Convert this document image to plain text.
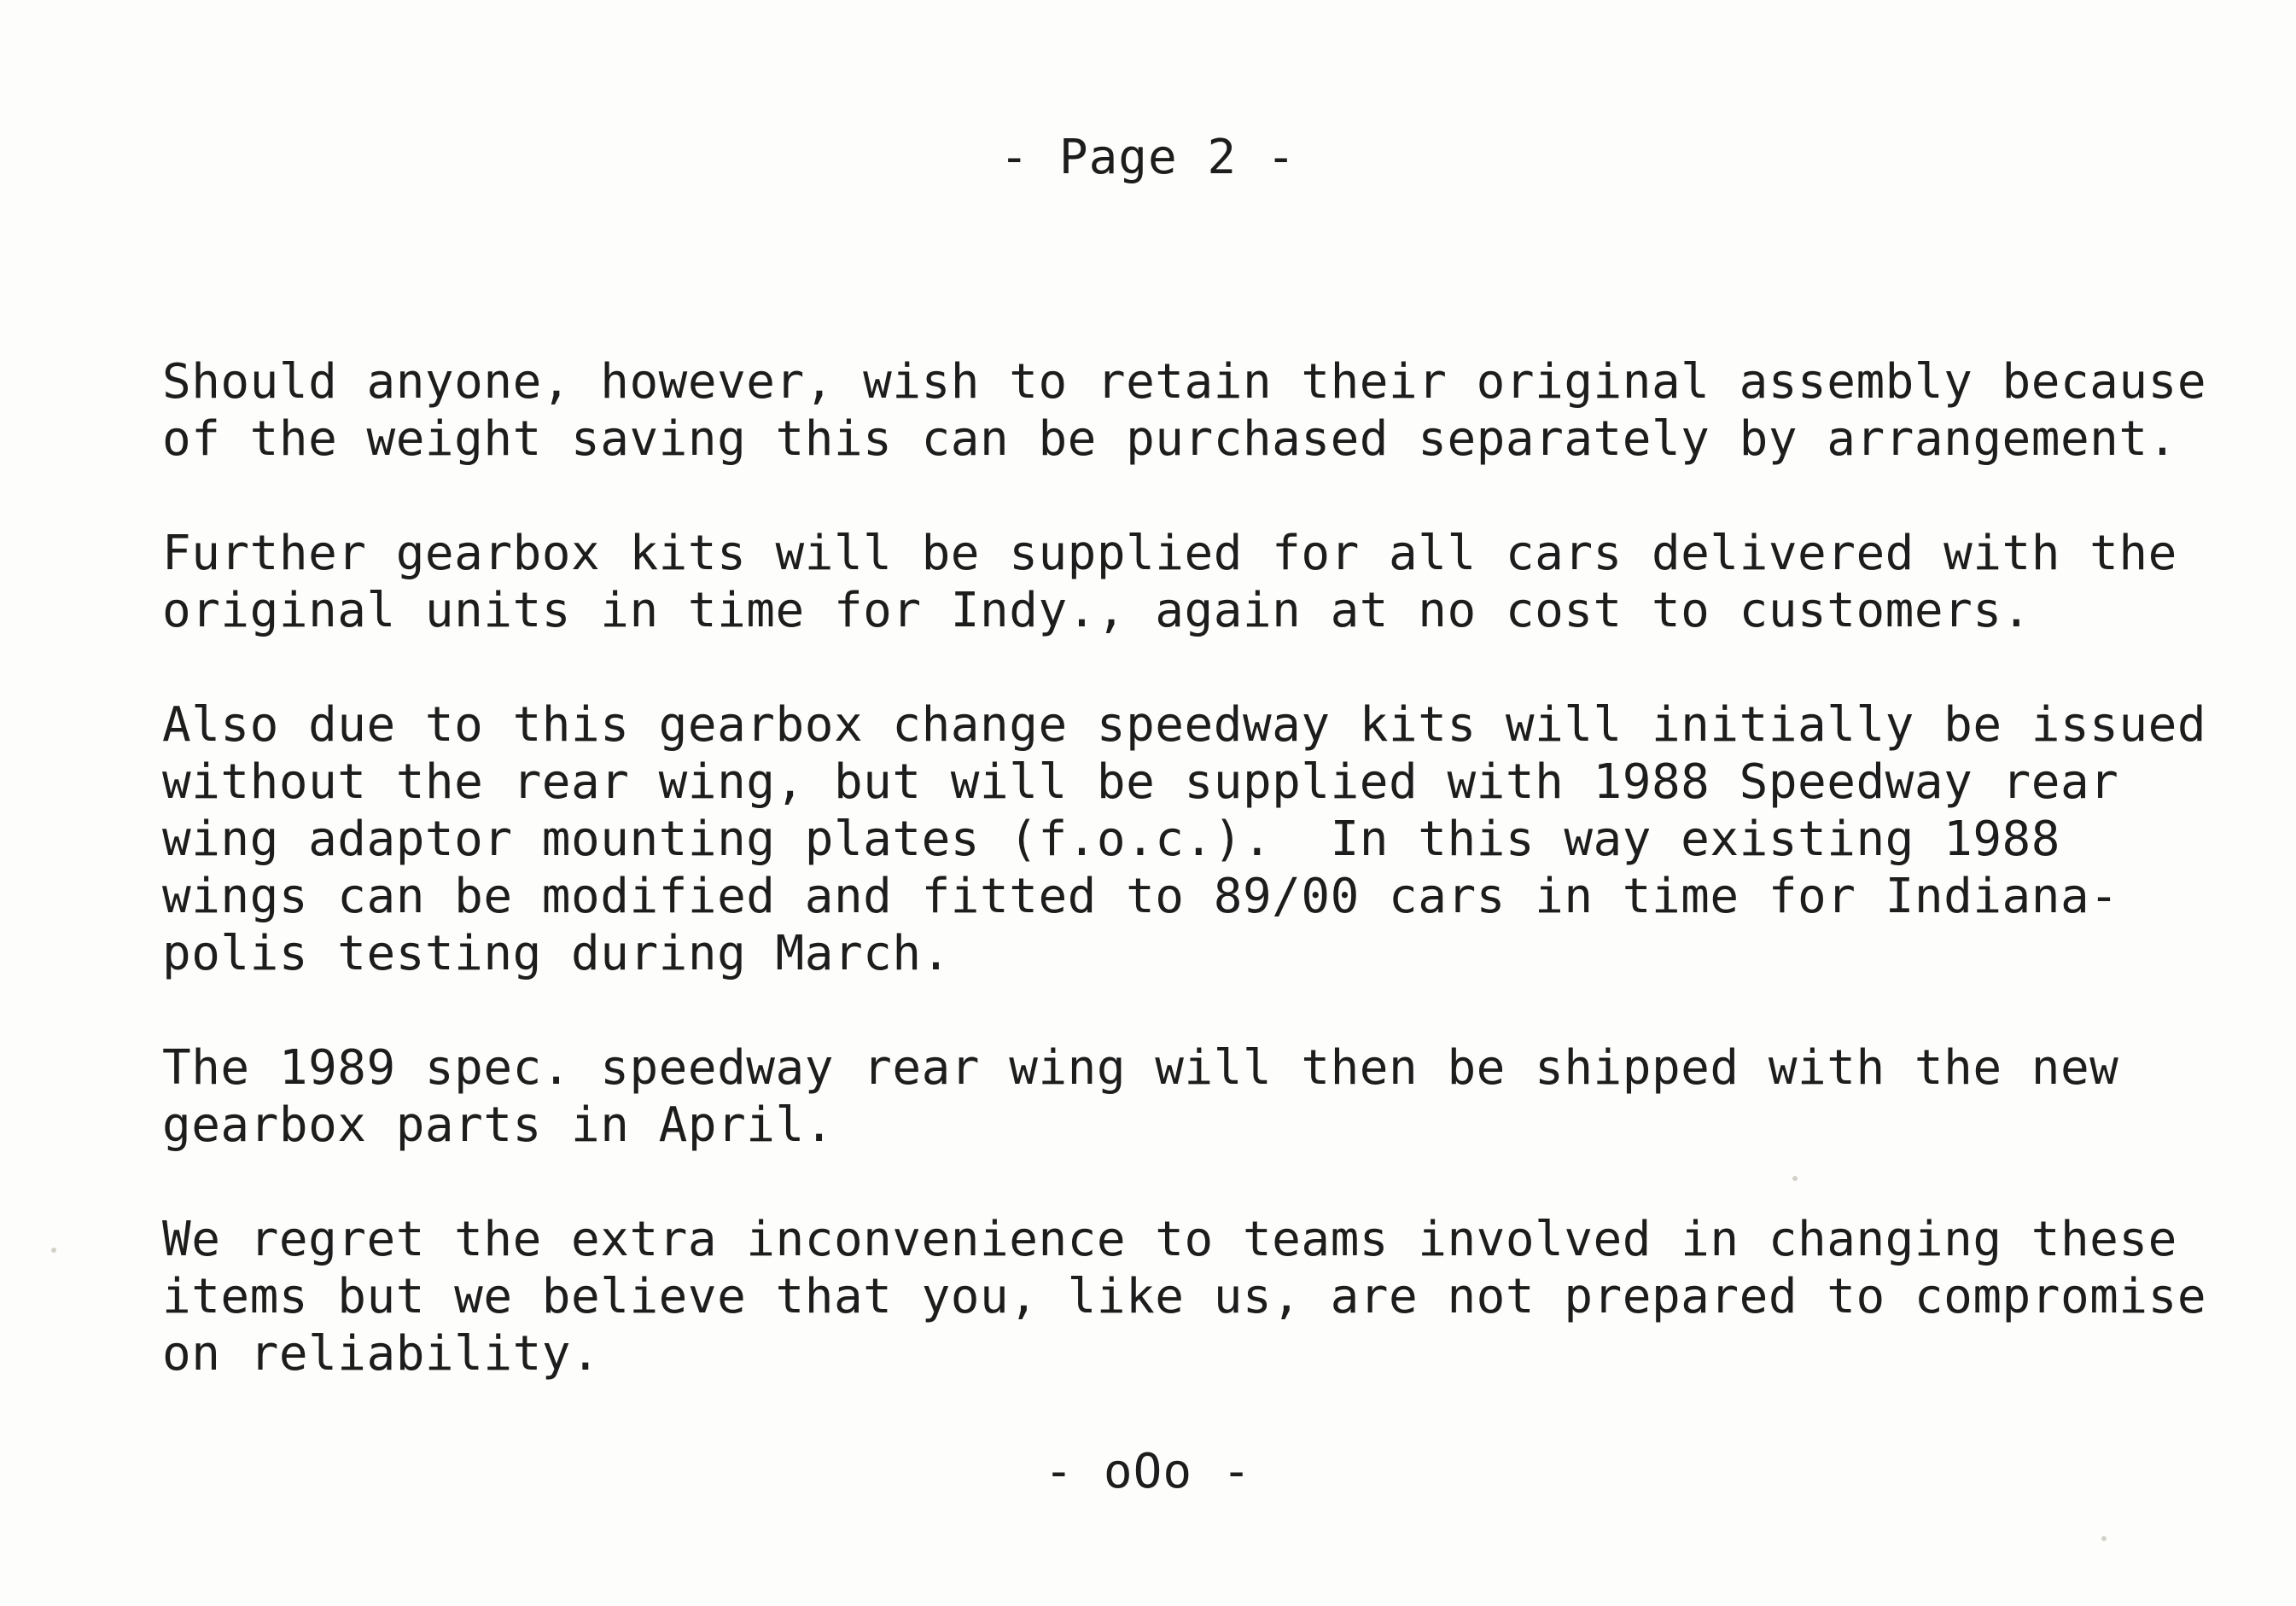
- Page 2 -

Should anyone, however, wish to retain their original assembly because
of the weight saving this can be purchased separately by arrangement.

Further gearbox kits will be supplied for all cars delivered with the
original units in time for Indy., again at no cost to customers.

Also due to this gearbox change speedway kits will initially be issued
without the rear wing, but will be supplied with 1988 Speedway rear
wing adaptor mounting plates (f.o.c.).  In this way existing 1988
wings can be modified and fitted to 89/00 cars in time for Indiana-
polis testing during March.

The 1989 spec. speedway rear wing will then be shipped with the new
gearbox parts in April.

We regret the extra inconvenience to teams involved in changing these
items but we believe that you, like us, are not prepared to compromise
on reliability.

- oOo -
